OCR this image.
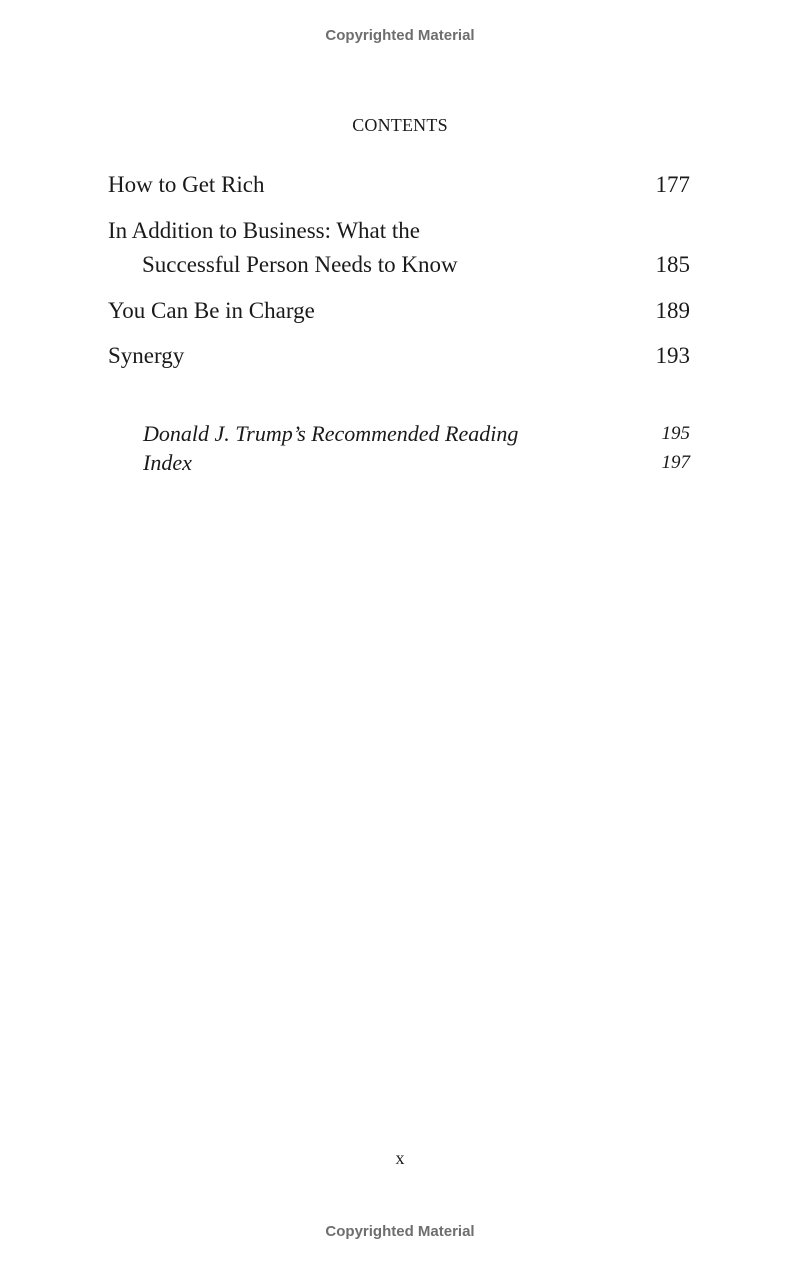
Copyrighted Material
CONTENTS
How to Get Rich	177
In Addition to Business: What the
Successful Person Needs to Know	185
You Can Be in Charge	189
Synergy	193
Donald J. Trump’s Recommended Reading	195
Index	197
x
Copyrighted Material
